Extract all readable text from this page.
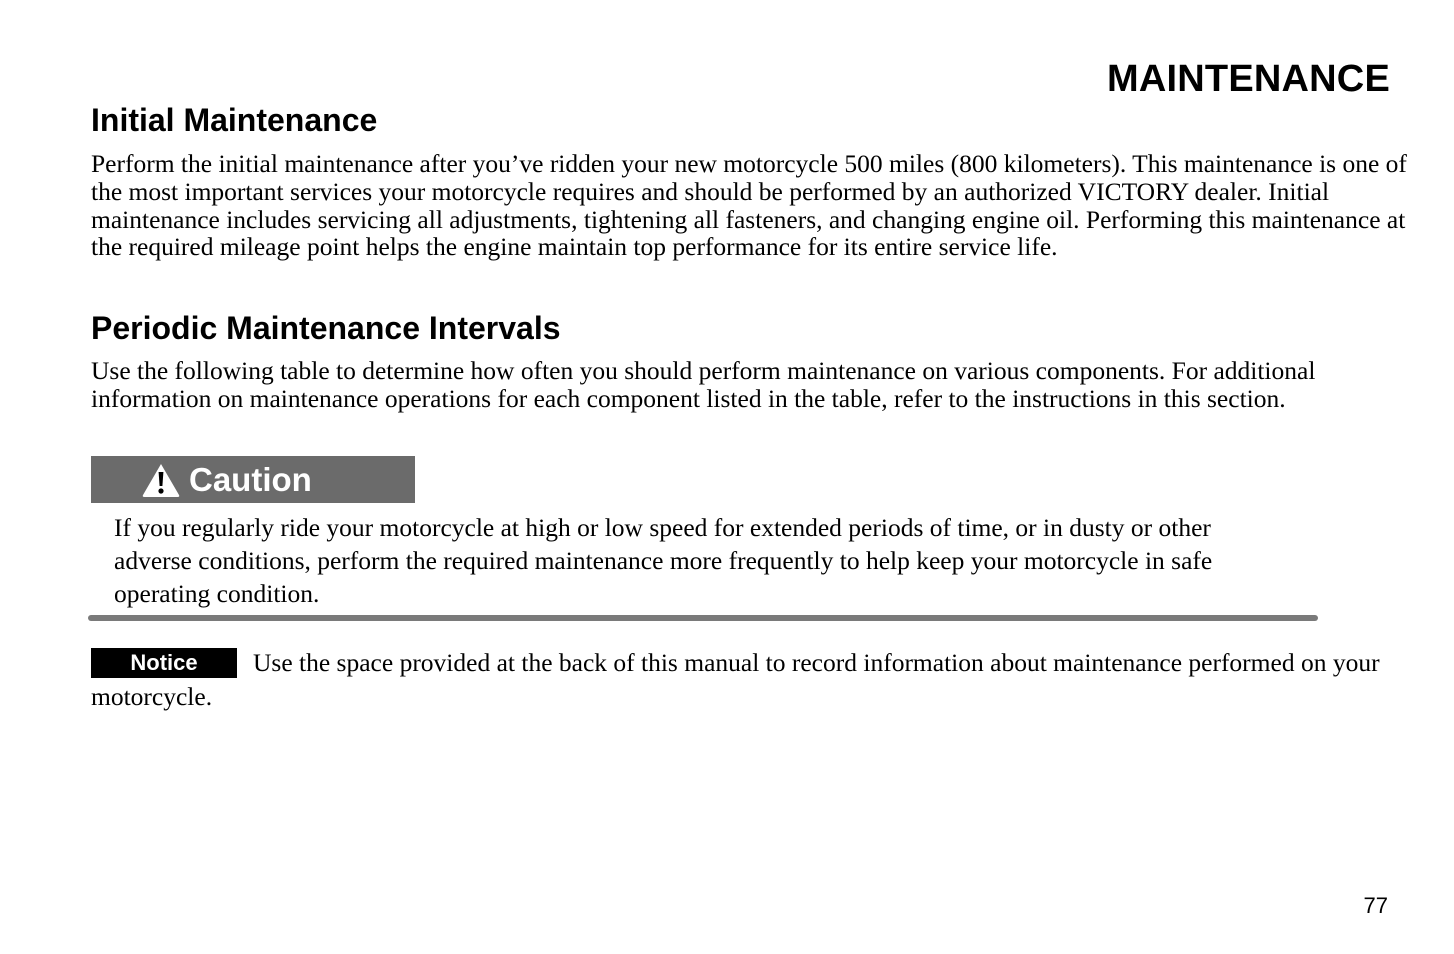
MAINTENANCE
Initial Maintenance

Perform the initial maintenance after you’ve ridden your new motorcycle 500 miles (800 kilometers). This maintenance is one of the most important services your motorcycle requires and should be performed by an authorized VICTORY dealer. Initial maintenance includes servicing all adjustments, tightening all fasteners, and changing engine oil. Performing this maintenance at the required mileage point helps the engine maintain top performance for its entire service life.

Periodic Maintenance Intervals

Use the following table to determine how often you should perform maintenance on various components. For additional information on maintenance operations for each component listed in the table, refer to the instructions in this section.

Caution

If you regularly ride your motorcycle at high or low speed for extended periods of time, or in dusty or other adverse conditions, perform the required maintenance more frequently to help keep your motorcycle in safe operating condition.

Notice Use the space provided at the back of this manual to record information about maintenance performed on your motorcycle.

77
